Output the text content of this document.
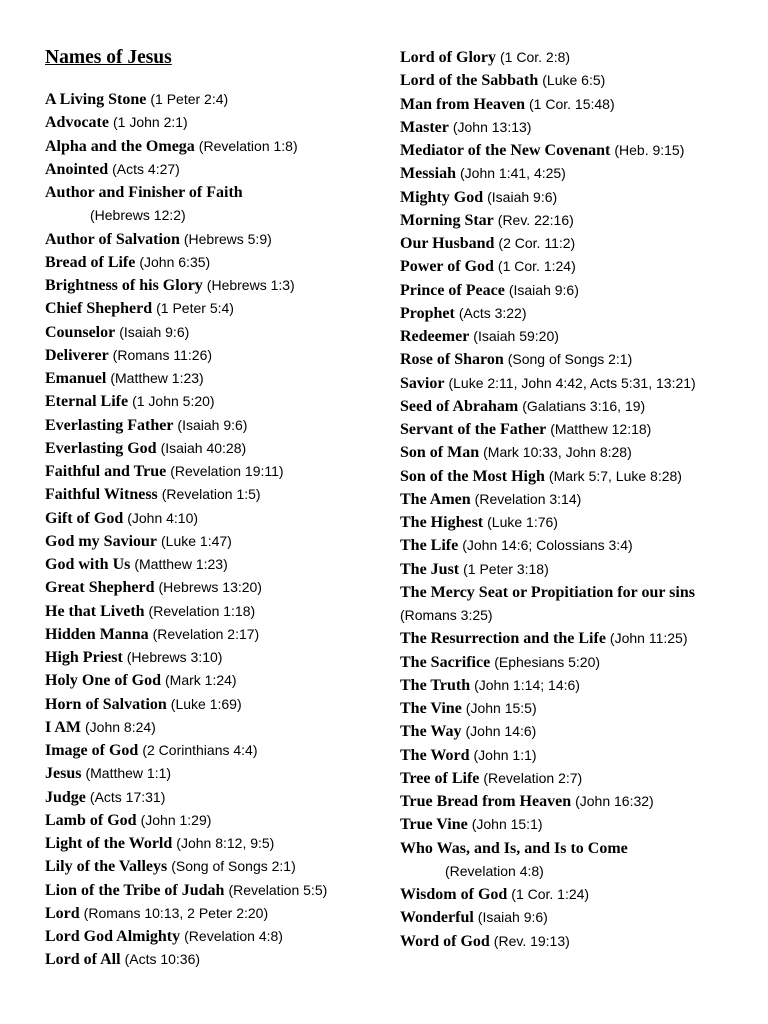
Names of Jesus

A Living Stone (1 Peter 2:4)

Advocate (1 John 2:1)

Alpha and the Omega (Revelation 1:8)

Anointed (Acts 4:27)

Author and Finisher of Faith

(Hebrews 12:2)

Author of Salvation (Hebrews 5:9)

Bread of Life (John 6:35)

Brightness of his Glory (Hebrews 1:3)

Chief Shepherd (1 Peter 5:4)

Counselor (Isaiah 9:6)

Deliverer (Romans 11:26)

Emanuel (Matthew 1:23)

Eternal Life (1 John 5:20)

Everlasting Father (Isaiah 9:6)

Everlasting God (Isaiah 40:28)

Faithful and True (Revelation 19:11)

Faithful Witness (Revelation 1:5)

Gift of God (John 4:10)

God my Saviour (Luke 1:47)

God with Us (Matthew 1:23)

Great Shepherd (Hebrews 13:20)

He that Liveth (Revelation 1:18)

Hidden Manna (Revelation 2:17)

High Priest (Hebrews 3:10)

Holy One of God (Mark 1:24)

Horn of Salvation (Luke 1:69)

I AM (John 8:24)

Image of God (2 Corinthians 4:4)

Jesus (Matthew 1:1)

Judge (Acts 17:31)

Lamb of God (John 1:29)

Light of the World (John 8:12, 9:5)

Lily of the Valleys (Song of Songs 2:1)

Lion of the Tribe of Judah (Revelation 5:5)

Lord (Romans 10:13, 2 Peter 2:20)

Lord God Almighty (Revelation 4:8)

Lord of All (Acts 10:36)

Lord of Glory (1 Cor. 2:8)

Lord of the Sabbath (Luke 6:5)

Man from Heaven (1 Cor. 15:48)

Master (John 13:13)

Mediator of the New Covenant (Heb. 9:15)

Messiah (John 1:41, 4:25)

Mighty God (Isaiah 9:6)

Morning Star (Rev. 22:16)

Our Husband (2 Cor. 11:2)

Power of God (1 Cor. 1:24)

Prince of Peace (Isaiah 9:6)

Prophet (Acts 3:22)

Redeemer (Isaiah 59:20)

Rose of Sharon (Song of Songs 2:1)

Savior (Luke 2:11, John 4:42, Acts 5:31, 13:21)

Seed of Abraham (Galatians 3:16, 19)

Servant of the Father (Matthew 12:18)

Son of Man (Mark 10:33, John 8:28)

Son of the Most High (Mark 5:7, Luke 8:28)

The Amen (Revelation 3:14)

The Highest (Luke 1:76)

The Life (John 14:6; Colossians 3:4)

The Just (1 Peter 3:18)

The Mercy Seat or Propitiation for our sins (Romans 3:25)

The Resurrection and the Life (John 11:25)

The Sacrifice (Ephesians 5:20)

The Truth (John 1:14; 14:6)

The Vine (John 15:5)

The Way (John 14:6)

The Word (John 1:1)

Tree of Life (Revelation 2:7)

True Bread from Heaven (John 16:32)

True Vine (John 15:1)

Who Was, and Is, and Is to Come

(Revelation 4:8)

Wisdom of God (1 Cor. 1:24)

Wonderful (Isaiah 9:6)

Word of God (Rev. 19:13)
